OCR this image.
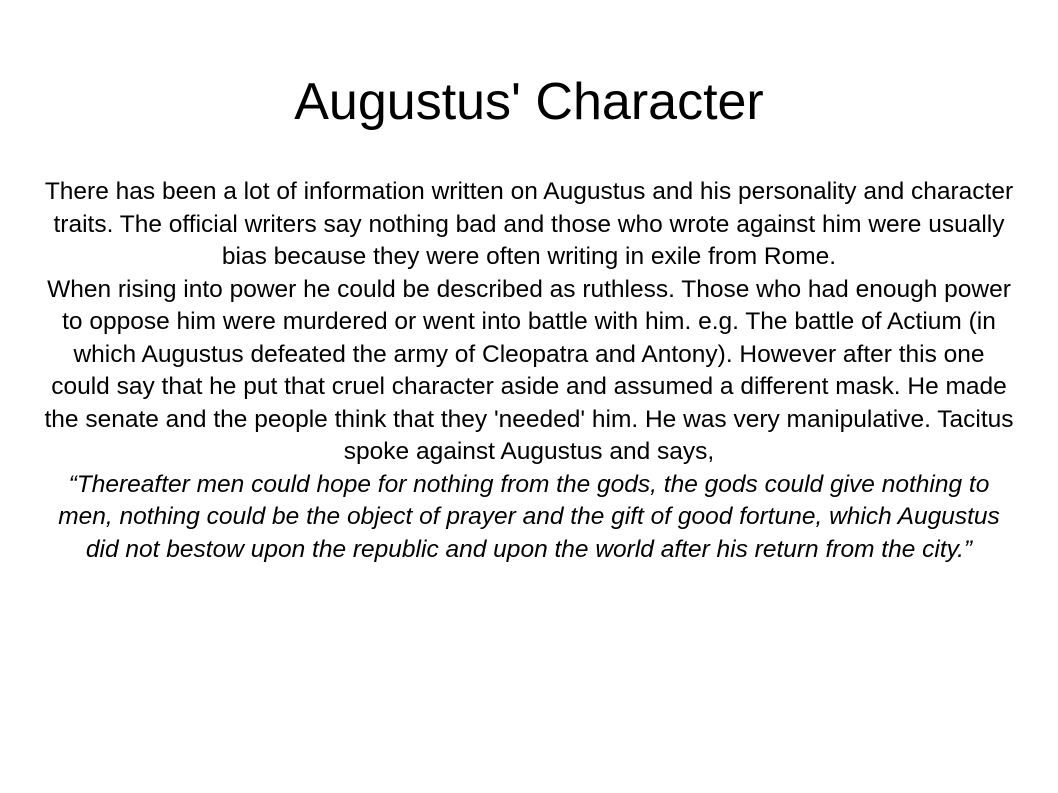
Augustus' Character

There has been a lot of information written on Augustus and his personality and character traits. The official writers say nothing bad and those who wrote against him were usually bias because they were often writing in exile from Rome.

When rising into power he could be described as ruthless. Those who had enough power to oppose him were murdered or went into battle with him. e.g. The battle of Actium (in which Augustus defeated the army of Cleopatra and Antony). However after this one could say that he put that cruel character aside and assumed a different mask. He made the senate and the people think that they 'needed' him. He was very manipulative. Tacitus spoke against Augustus and says,

“Thereafter men could hope for nothing from the gods, the gods could give nothing to men, nothing could be the object of prayer and the gift of good fortune, which Augustus did not bestow upon the republic and upon the world after his return from the city.”
